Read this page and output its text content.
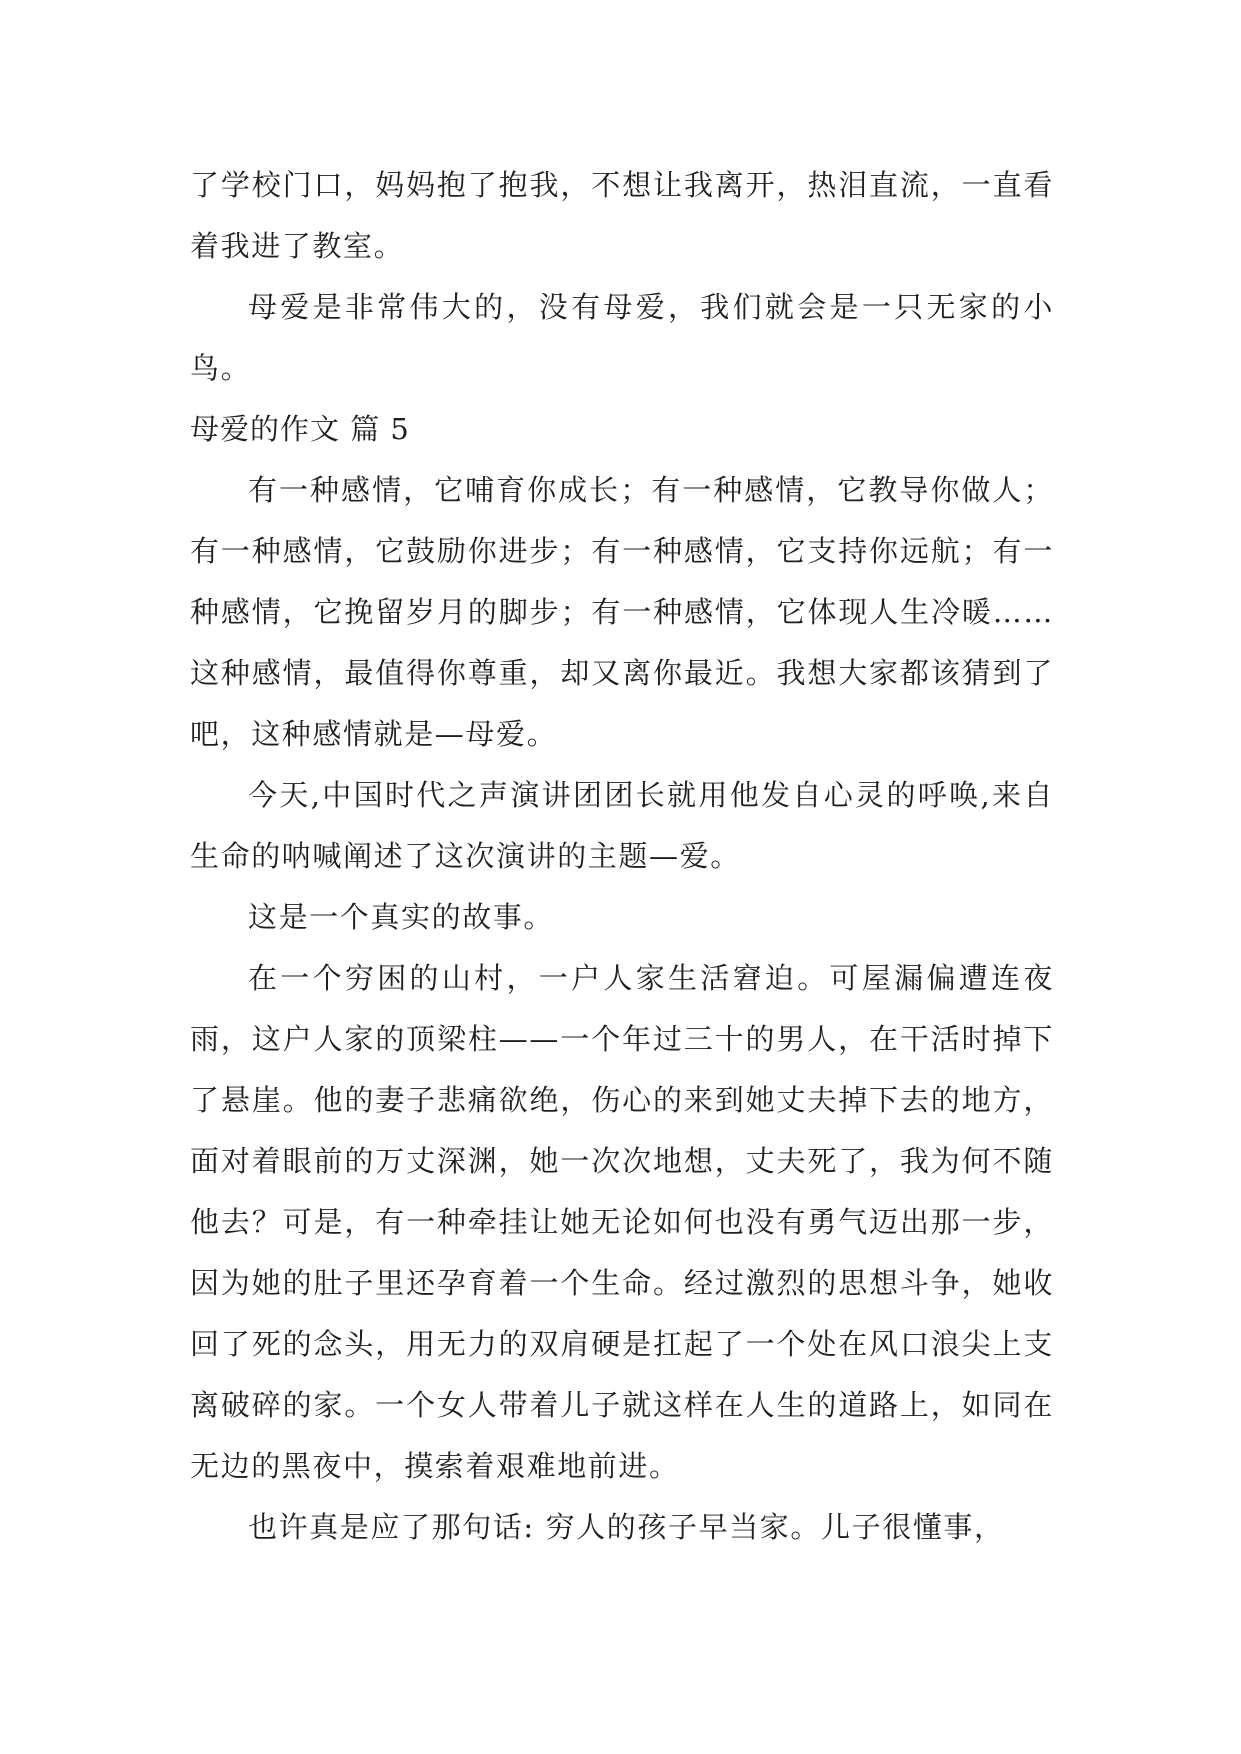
了学校门口，妈妈抱了抱我，不想让我离开，热泪直流，一直看着我进了教室。

母爱是非常伟大的，没有母爱，我们就会是一只无家的小鸟。

母爱的作文 篇 5

有一种感情，它哺育你成长；有一种感情，它教导你做人；有一种感情，它鼓励你进步；有一种感情，它支持你远航；有一种感情，它挽留岁月的脚步；有一种感情，它体现人生冷暖……这种感情，最值得你尊重，却又离你最近。我想大家都该猜到了吧，这种感情就是—母爱。

今天,中国时代之声演讲团团长就用他发自心灵的呼唤,来自生命的呐喊阐述了这次演讲的主题—爱。

这是一个真实的故事。

在一个穷困的山村，一户人家生活窘迫。可屋漏偏遭连夜雨，这户人家的顶梁柱——一个年过三十的男人，在干活时掉下了悬崖。他的妻子悲痛欲绝，伤心的来到她丈夫掉下去的地方，面对着眼前的万丈深渊，她一次次地想，丈夫死了，我为何不随他去？可是，有一种牵挂让她无论如何也没有勇气迈出那一步，因为她的肚子里还孕育着一个生命。经过激烈的思想斗争，她收回了死的念头，用无力的双肩硬是扛起了一个处在风口浪尖上支离破碎的家。一个女人带着儿子就这样在人生的道路上，如同在无边的黑夜中，摸索着艰难地前进。

也许真是应了那句话: 穷人的孩子早当家。儿子很懂事，
